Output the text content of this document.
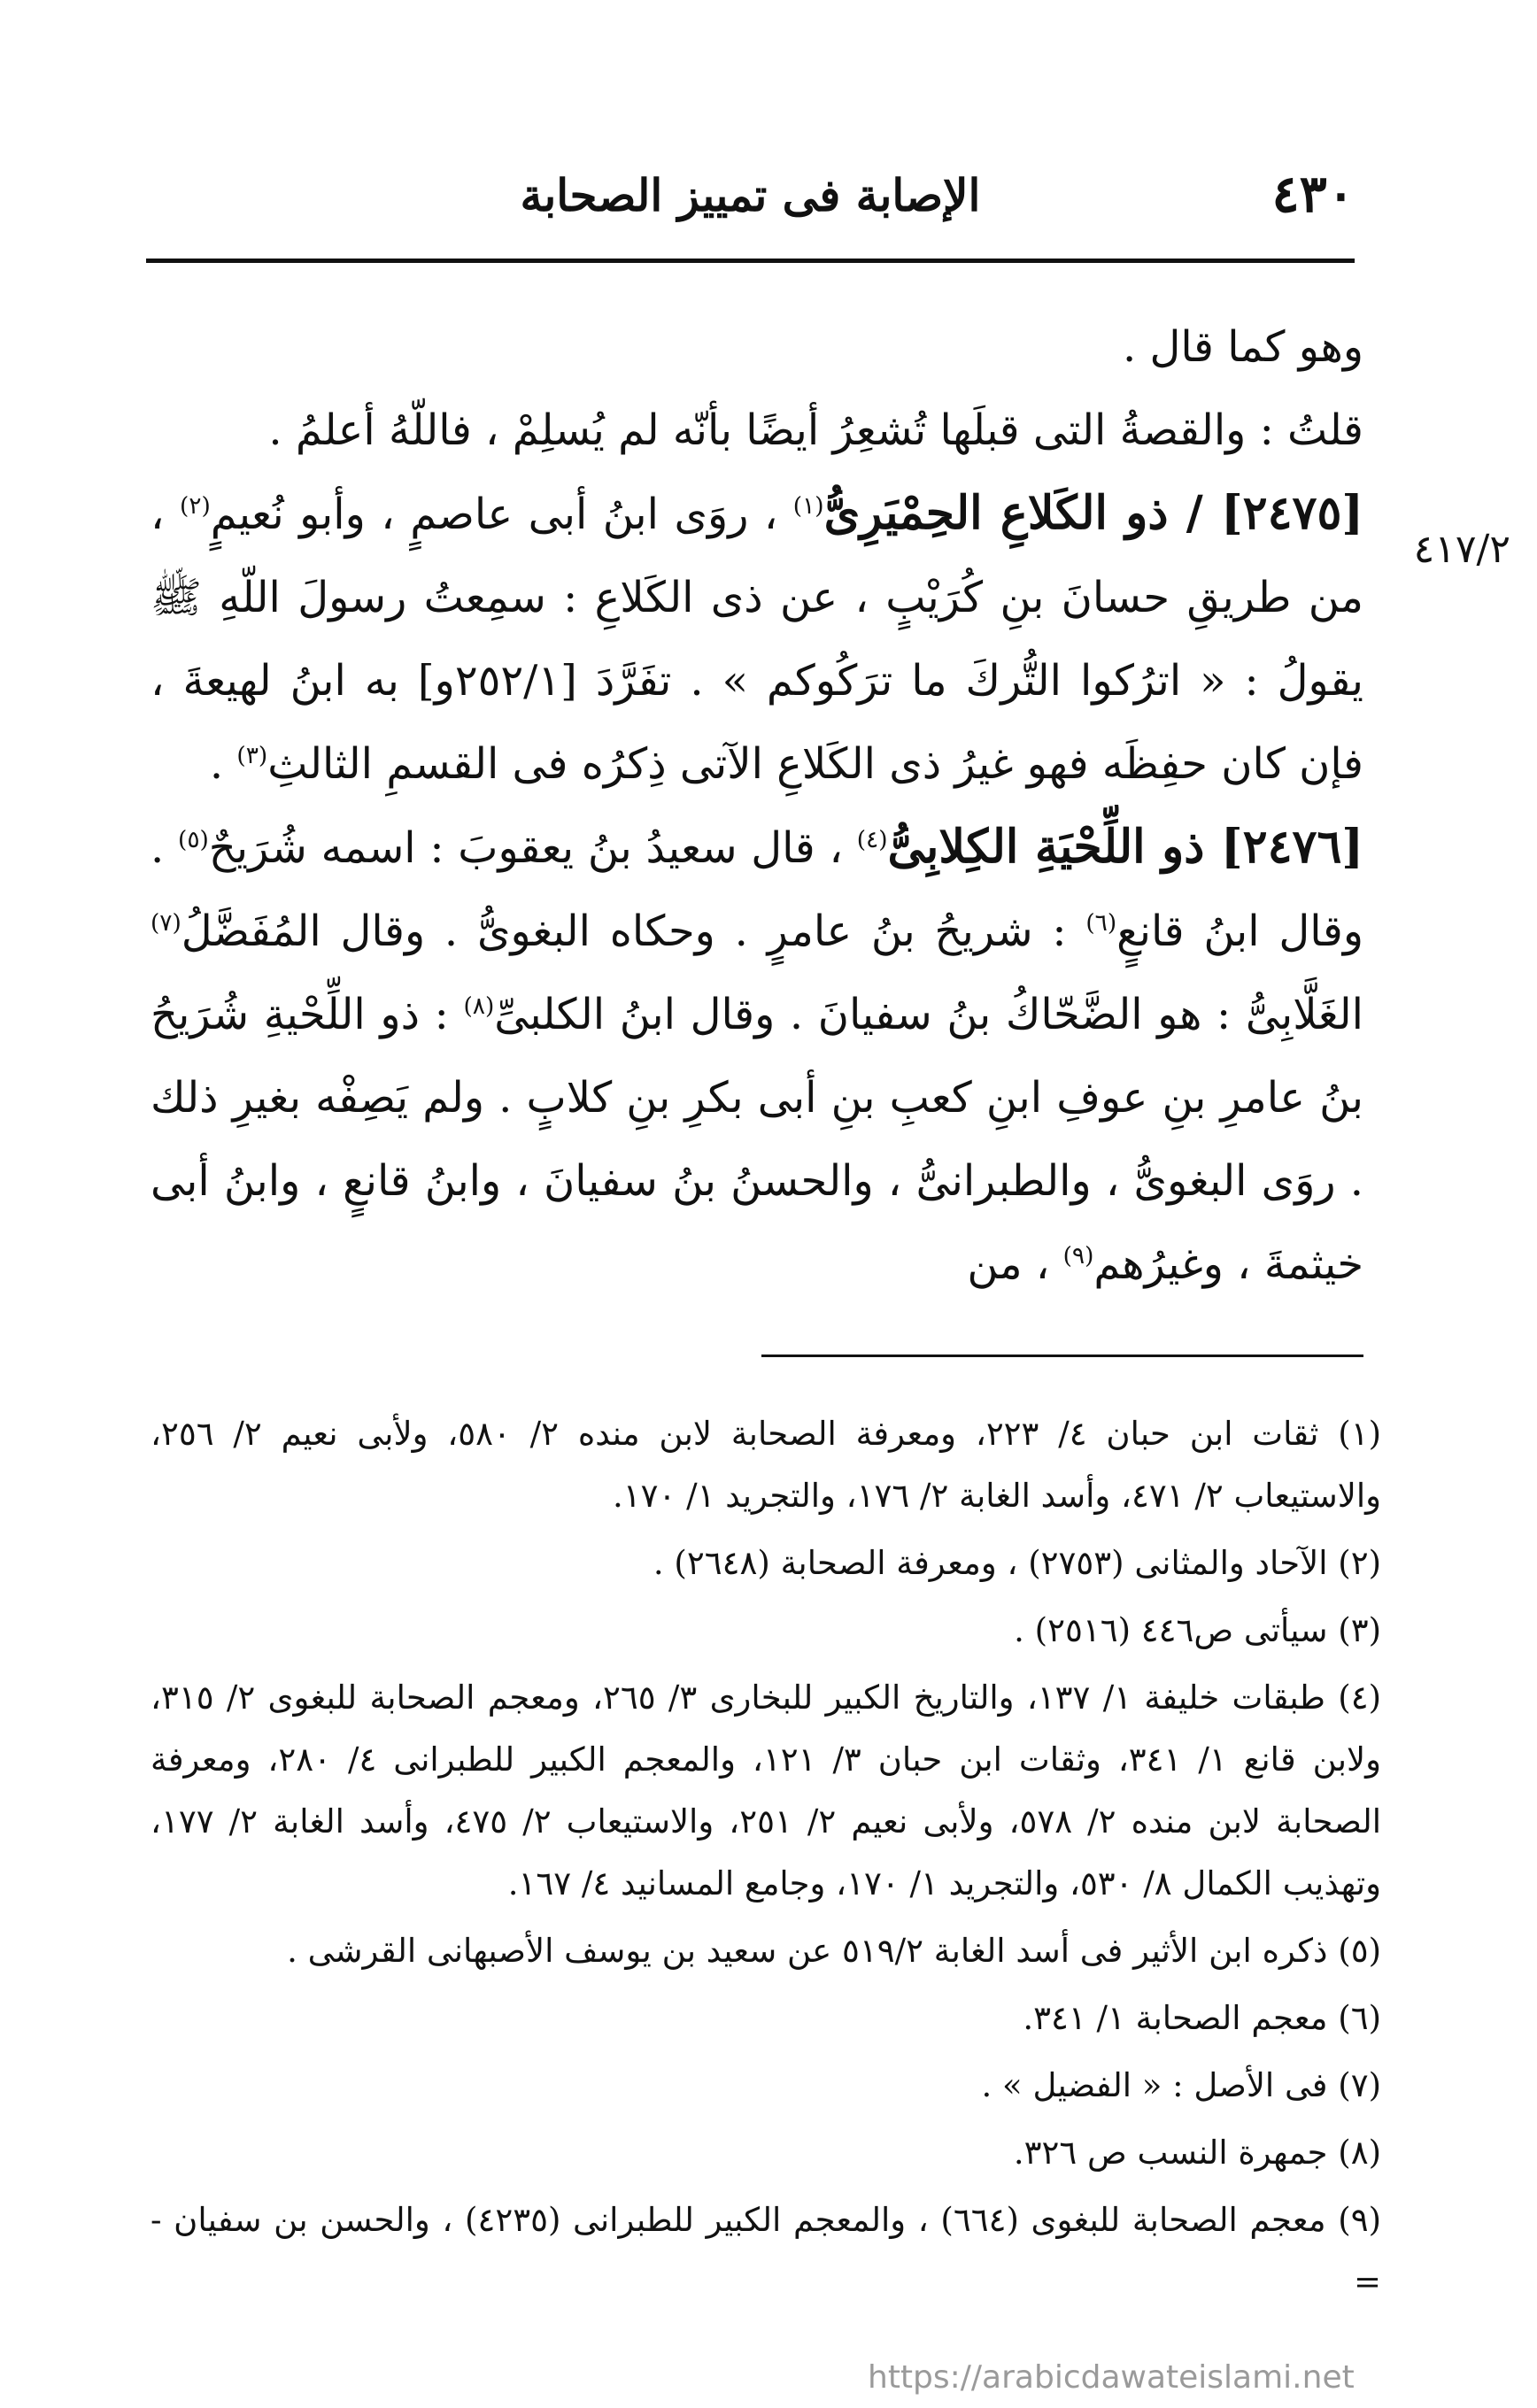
٤٣٠
الإصابة فى تمييز الصحابة
٤١٧/٢

وهو كما قال .

قلتُ : والقصةُ التى قبلَها تُشعِرُ أيضًا بأنّه لم يُسلِمْ ، فاللّهُ أعلمُ .

[٢٤٧٥] / ذو الكَلاعِ الحِمْيَرِىُّ$^{(١)}$ ، روَى ابنُ أبى عاصمٍ ، وأبو نُعيمٍ$^{(٢)}$ ، من طريقِ حسانَ بنِ كُرَيْبٍ ، عن ذى الكَلاعِ : سمِعتُ رسولَ اللّهِ ﷺ يقولُ : « اترُكوا التُّركَ ما ترَكُوكم » . تفَرَّدَ [٢٥٢/١و] به ابنُ لهيعةَ ، فإن كان حفِظَه فهو غيرُ ذى الكَلاعِ الآتى ذِكرُه فى القسمِ الثالثِ$^{(٣)}$ .

[٢٤٧٦] ذو اللِّحْيَةِ الكِلابِىُّ$^{(٤)}$ ، قال سعيدُ بنُ يعقوبَ : اسمه شُرَيحٌ$^{(٥)}$ . وقال ابنُ قانعٍ$^{(٦)}$ : شريحُ بنُ عامرٍ . وحكاه البغوىُّ . وقال المُفَضَّلُ$^{(٧)}$ الغَلَّابِىُّ : هو الضَّحّاكُ بنُ سفيانَ . وقال ابنُ الكلبىِّ$^{(٨)}$ : ذو اللِّحْيةِ شُرَيحُ بنُ عامرِ بنِ عوفِ ابنِ كعبِ بنِ أبى بكرِ بنِ كلابٍ . ولم يَصِفْه بغيرِ ذلك . روَى البغوىُّ ، والطبرانىُّ ، والحسنُ بنُ سفيانَ ، وابنُ قانعٍ ، وابنُ أبى خيثمةَ ، وغيرُهم$^{(٩)}$ ، من

(١) ثقات ابن حبان ٤/ ٢٢٣، ومعرفة الصحابة لابن منده ٢/ ٥٨٠، ولأبى نعيم ٢/ ٢٥٦، والاستيعاب ٢/ ٤٧١، وأسد الغابة ٢/ ١٧٦، والتجريد ١/ ١٧٠.

(٢) الآحاد والمثانى (٢٧٥٣) ، ومعرفة الصحابة (٢٦٤٨) .

(٣) سيأتى ص٤٤٦ (٢٥١٦) .

(٤) طبقات خليفة ١/ ١٣٧، والتاريخ الكبير للبخارى ٣/ ٢٦٥، ومعجم الصحابة للبغوى ٢/ ٣١٥، ولابن قانع ١/ ٣٤١، وثقات ابن حبان ٣/ ١٢١، والمعجم الكبير للطبرانى ٤/ ٢٨٠، ومعرفة الصحابة لابن منده ٢/ ٥٧٨، ولأبى نعيم ٢/ ٢٥١، والاستيعاب ٢/ ٤٧٥، وأسد الغابة ٢/ ١٧٧، وتهذيب الكمال ٨/ ٥٣٠، والتجريد ١/ ١٧٠، وجامع المسانيد ٤/ ١٦٧.

(٥) ذكره ابن الأثير فى أسد الغابة ٥١٩/٢ عن سعيد بن يوسف الأصبهانى القرشى .

(٦) معجم الصحابة ١/ ٣٤١.

(٧) فى الأصل : « الفضيل » .

(٨) جمهرة النسب ص ٣٢٦.

(٩) معجم الصحابة للبغوى (٦٦٤) ، والمعجم الكبير للطبرانى (٤٢٣٥) ، والحسن بن سفيان - =

https://arabicdawateislami.net
